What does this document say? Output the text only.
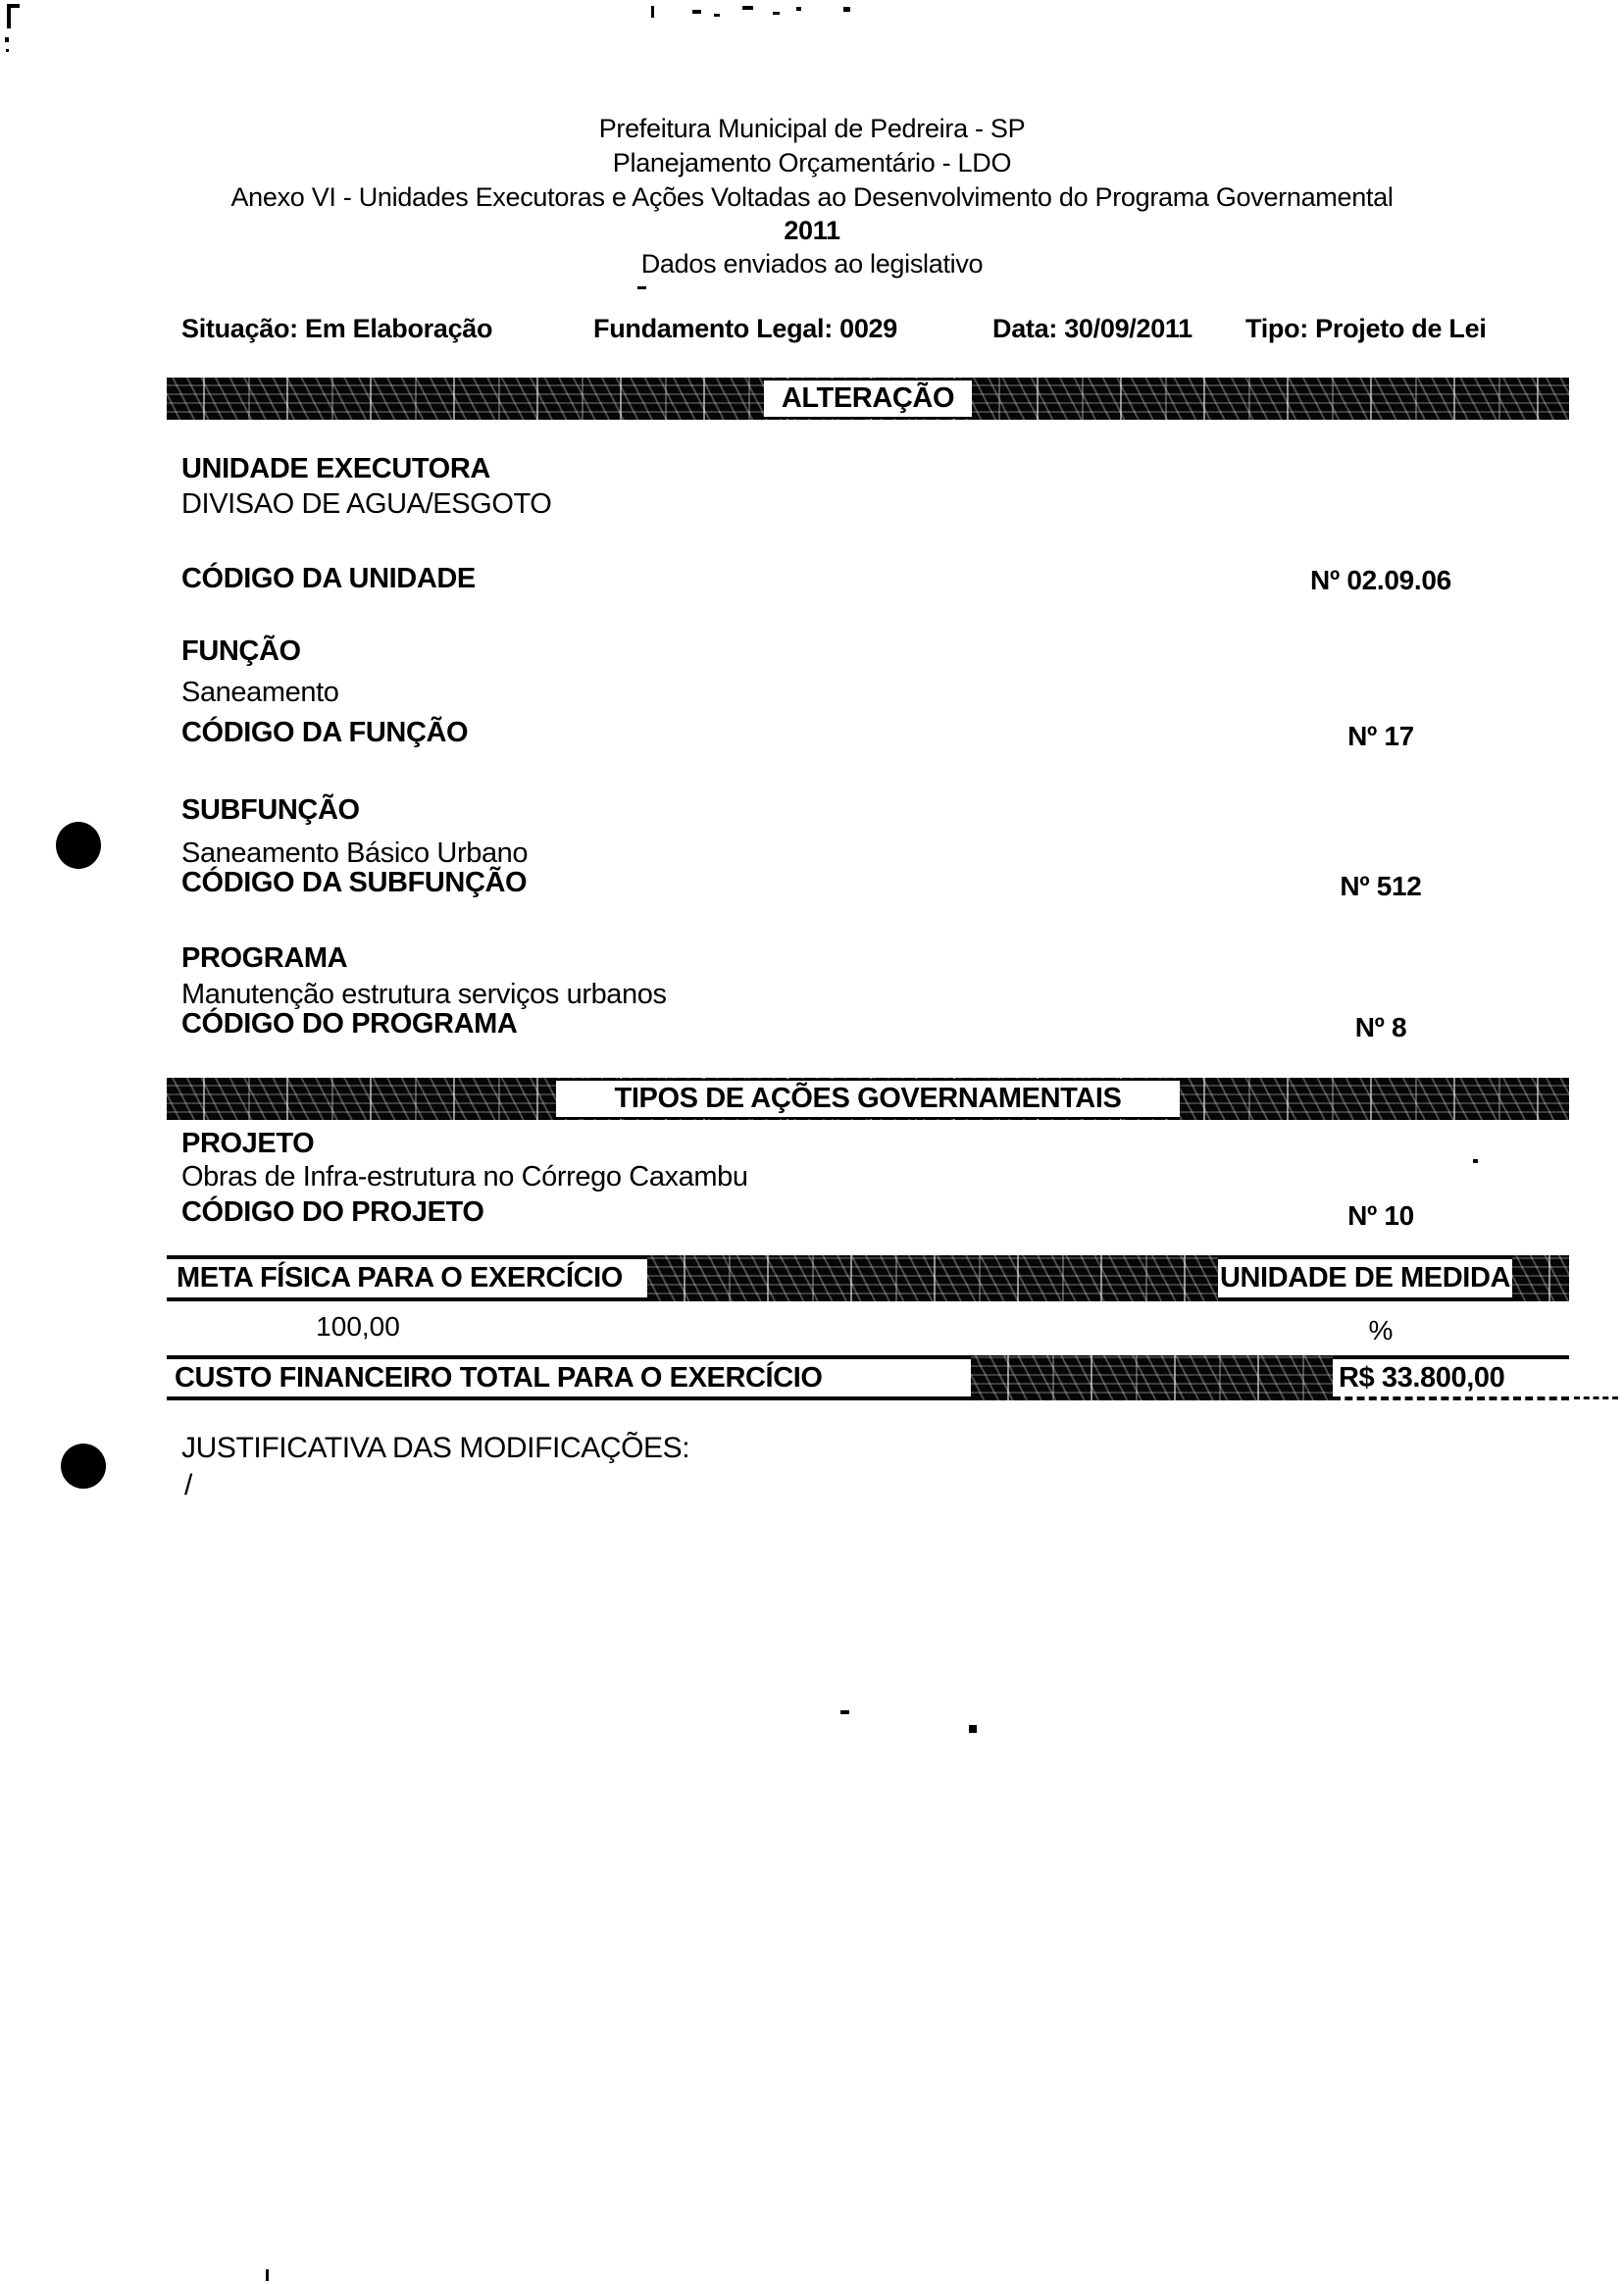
Prefeitura Municipal de Pedreira - SP
Planejamento Orçamentário - LDO
Anexo VI - Unidades Executoras e Ações Voltadas ao Desenvolvimento do Programa Governamental
2011
Dados enviados ao legislativo
Situação: Em Elaboração	Fundamento Legal: 0029	Data: 30/09/2011 Tipo: Projeto de Lei
ALTERAÇÃO
UNIDADE EXECUTORA
DIVISAO DE AGUA/ESGOTO
CÓDIGO DA UNIDADE	Nº 02.09.06
FUNÇÃO
Saneamento
CÓDIGO DA FUNÇÃO	Nº 17
SUBFUNÇÃO
Saneamento Básico Urbano
CÓDIGO DA SUBFUNÇÃO	Nº 512
PROGRAMA
Manutenção estrutura serviços urbanos
CÓDIGO DO PROGRAMA	Nº 8
TIPOS DE AÇÕES GOVERNAMENTAIS
PROJETO
Obras de Infra-estrutura no Córrego Caxambu
CÓDIGO DO PROJETO	Nº 10
META FÍSICA PARA O EXERCÍCIO	UNIDADE DE MEDIDA
100,00	%
CUSTO FINANCEIRO TOTAL PARA O EXERCÍCIO	R$ 33.800,00
JUSTIFICATIVA DAS MODIFICAÇÕES:
/
